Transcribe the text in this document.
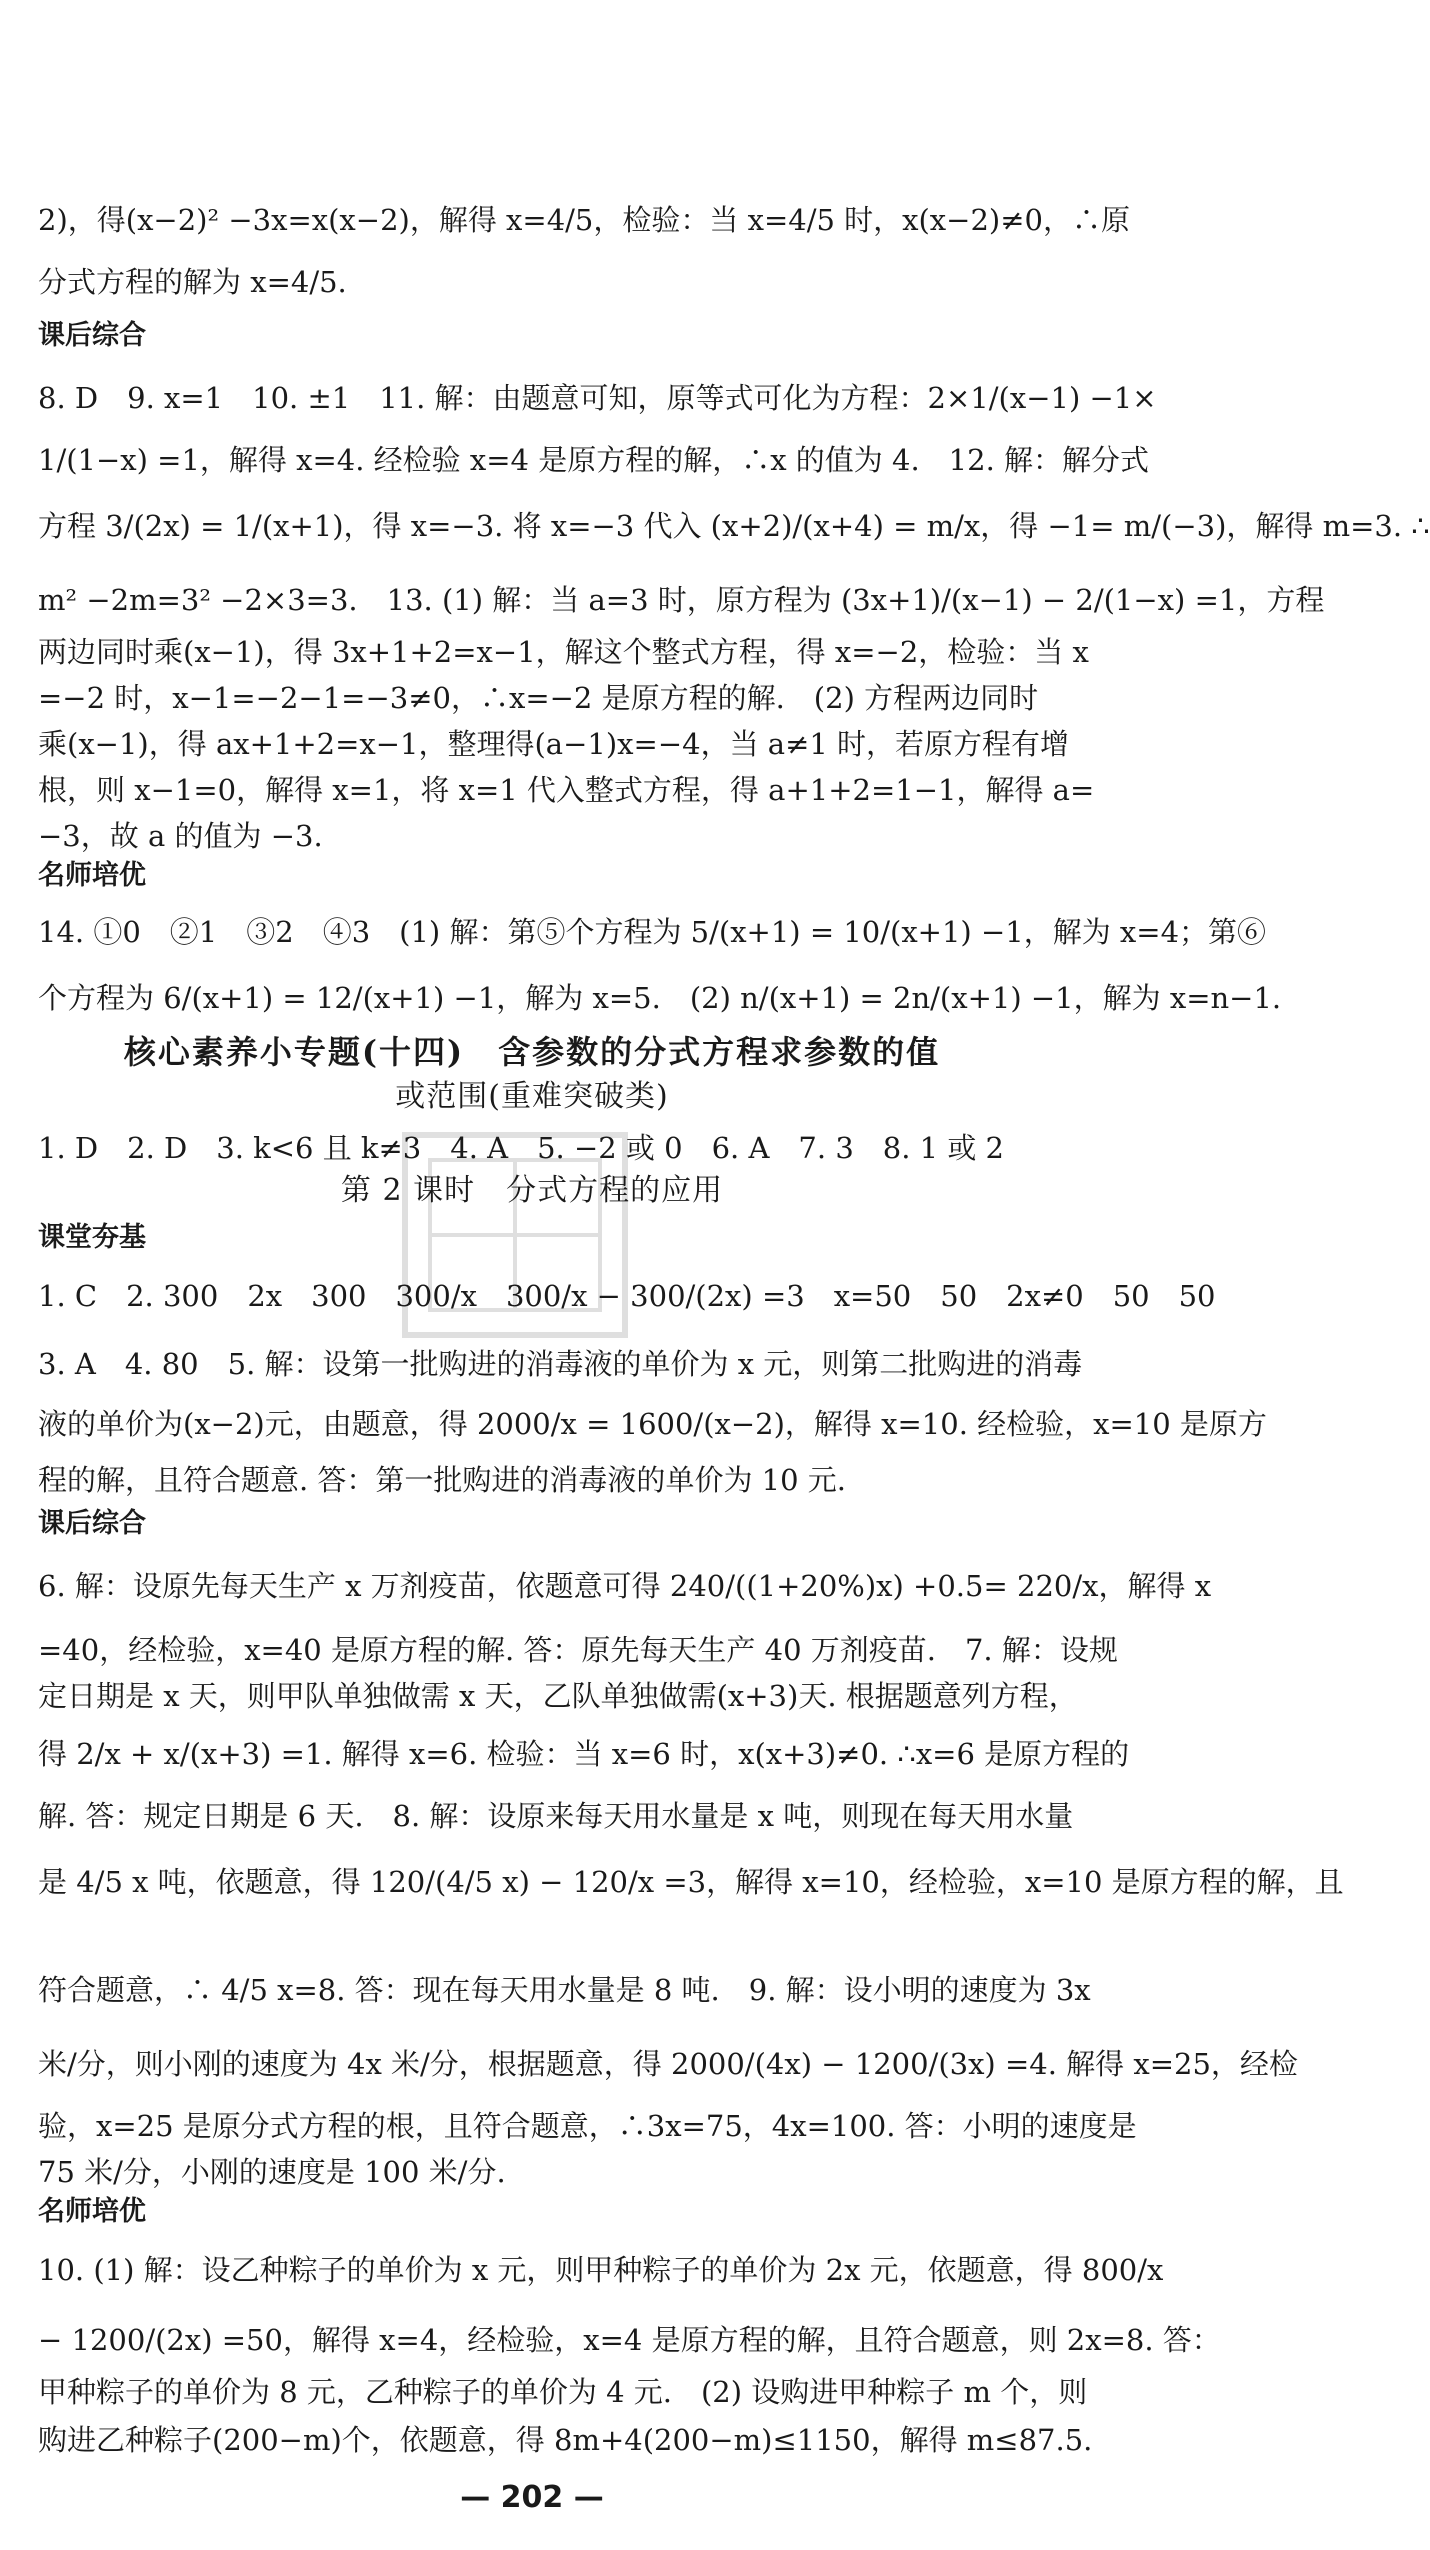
2)，得(x−2)² −3x=x(x−2)，解得 x=4/5，检验：当 x=4/5 时，x(x−2)≠0，∴原
分式方程的解为 x=4/5.
课后综合
8. D　9. x=1　10. ±1　11. 解：由题意可知，原等式可化为方程：2×1/(x−1) −1×
1/(1−x) =1，解得 x=4. 经检验 x=4 是原方程的解，∴x 的值为 4.　12. 解：解分式
方程 3/(2x) = 1/(x+1)，得 x=−3. 将 x=−3 代入 (x+2)/(x+4) = m/x，得 −1= m/(−3)，解得 m=3. ∴
m² −2m=3² −2×3=3.　13. (1) 解：当 a=3 时，原方程为 (3x+1)/(x−1) − 2/(1−x) =1，方程
两边同时乘(x−1)，得 3x+1+2=x−1，解这个整式方程，得 x=−2，检验：当 x
=−2 时，x−1=−2−1=−3≠0，∴x=−2 是原方程的解.　(2) 方程两边同时
乘(x−1)，得 ax+1+2=x−1，整理得(a−1)x=−4，当 a≠1 时，若原方程有增
根，则 x−1=0，解得 x=1，将 x=1 代入整式方程，得 a+1+2=1−1，解得 a=
−3，故 a 的值为 −3.
名师培优
14. ①0　②1　③2　④3　(1) 解：第⑤个方程为 5/(x+1) = 10/(x+1) −1，解为 x=4；第⑥
个方程为 6/(x+1) = 12/(x+1) −1，解为 x=5.　(2) n/(x+1) = 2n/(x+1) −1，解为 x=n−1.
核心素养小专题(十四)　含参数的分式方程求参数的值
或范围(重难突破类)
1. D　2. D　3. k<6 且 k≠3　4. A　5. −2 或 0　6. A　7. 3　8. 1 或 2
第 2 课时　分式方程的应用
课堂夯基
1. C　2. 300　2x　300　300/x　300/x − 300/(2x) =3　x=50　50　2x≠0　50　50
3. A　4. 80　5. 解：设第一批购进的消毒液的单价为 x 元，则第二批购进的消毒
液的单价为(x−2)元，由题意，得 2000/x = 1600/(x−2)，解得 x=10. 经检验，x=10 是原方
程的解，且符合题意. 答：第一批购进的消毒液的单价为 10 元.
课后综合
6. 解：设原先每天生产 x 万剂疫苗，依题意可得 240/((1+20%)x) +0.5= 220/x，解得 x
=40，经检验，x=40 是原方程的解. 答：原先每天生产 40 万剂疫苗.　7. 解：设规
定日期是 x 天，则甲队单独做需 x 天，乙队单独做需(x+3)天. 根据题意列方程，
得 2/x + x/(x+3) =1. 解得 x=6. 检验：当 x=6 时，x(x+3)≠0. ∴x=6 是原方程的
解. 答：规定日期是 6 天.　8. 解：设原来每天用水量是 x 吨，则现在每天用水量
是 4/5 x 吨，依题意，得 120/(4/5 x) − 120/x =3，解得 x=10，经检验，x=10 是原方程的解，且
符合题意，∴ 4/5 x=8. 答：现在每天用水量是 8 吨.　9. 解：设小明的速度为 3x
米/分，则小刚的速度为 4x 米/分，根据题意，得 2000/(4x) − 1200/(3x) =4. 解得 x=25，经检
验，x=25 是原分式方程的根，且符合题意，∴3x=75，4x=100. 答：小明的速度是
75 米/分，小刚的速度是 100 米/分.
名师培优
10. (1) 解：设乙种粽子的单价为 x 元，则甲种粽子的单价为 2x 元，依题意，得 800/x
− 1200/(2x) =50，解得 x=4，经检验，x=4 是原方程的解，且符合题意，则 2x=8. 答：
甲种粽子的单价为 8 元，乙种粽子的单价为 4 元.　(2) 设购进甲种粽子 m 个，则
购进乙种粽子(200−m)个，依题意，得 8m+4(200−m)≤1150，解得 m≤87.5.
— 202 —
